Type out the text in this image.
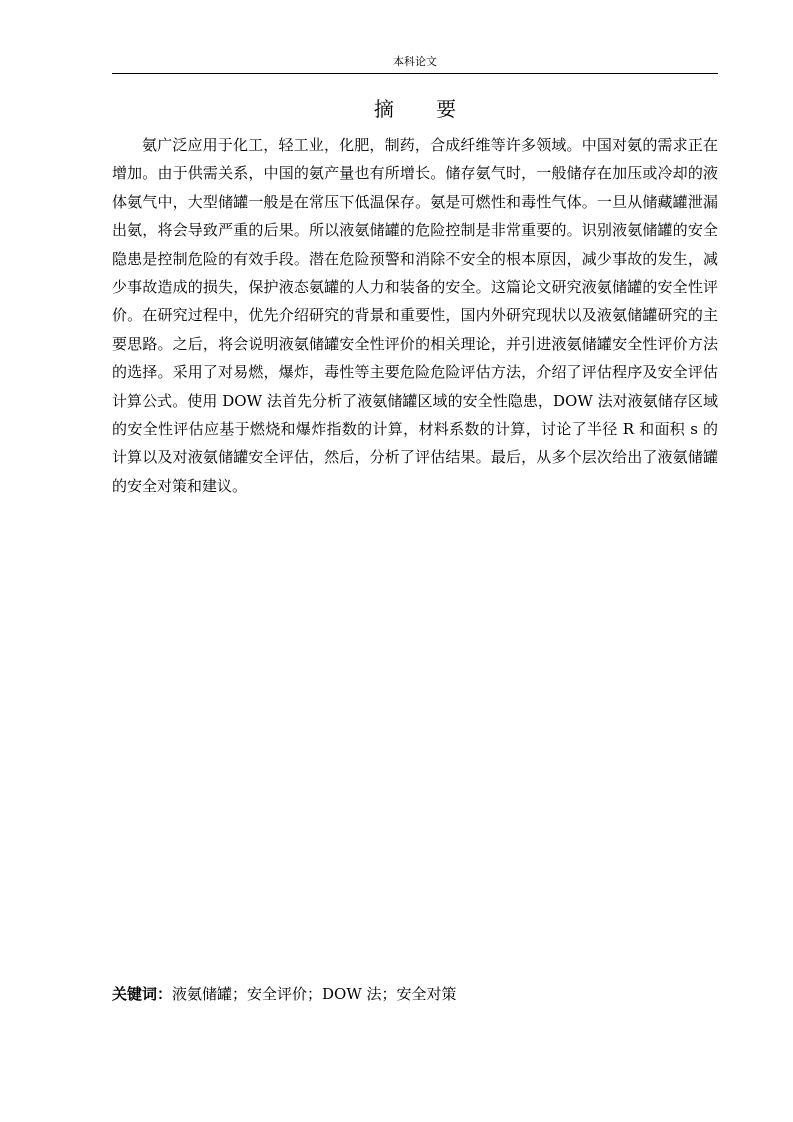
本科论文
摘 要

氨广泛应用于化工，轻工业，化肥，制药，合成纤维等许多领域。中国对氨的需求正在增加。由于供需关系，中国的氨产量也有所增长。储存氨气时，一般储存在加压或冷却的液体氨气中，大型储罐一般是在常压下低温保存。氨是可燃性和毒性气体。一旦从储藏罐泄漏出氨，将会导致严重的后果。所以液氨储罐的危险控制是非常重要的。识别液氨储罐的安全隐患是控制危险的有效手段。潜在危险预警和消除不安全的根本原因，减少事故的发生，减少事故造成的损失，保护液态氨罐的人力和装备的安全。这篇论文研究液氨储罐的安全性评价。在研究过程中，优先介绍研究的背景和重要性，国内外研究现状以及液氨储罐研究的主要思路。之后，将会说明液氨储罐安全性评价的相关理论，并引进液氨储罐安全性评价方法的选择。采用了对易燃，爆炸，毒性等主要危险危险评估方法，介绍了评估程序及安全评估计算公式。使用 DOW 法首先分析了液氨储罐区域的安全性隐患，DOW 法对液氨储存区域的安全性评估应基于燃烧和爆炸指数的计算，材料系数的计算，讨论了半径 R 和面积 s 的计算以及对液氨储罐安全评估，然后，分析了评估结果。最后，从多个层次给出了液氨储罐的安全对策和建议。

关键词：液氨储罐；安全评价；DOW 法；安全对策
